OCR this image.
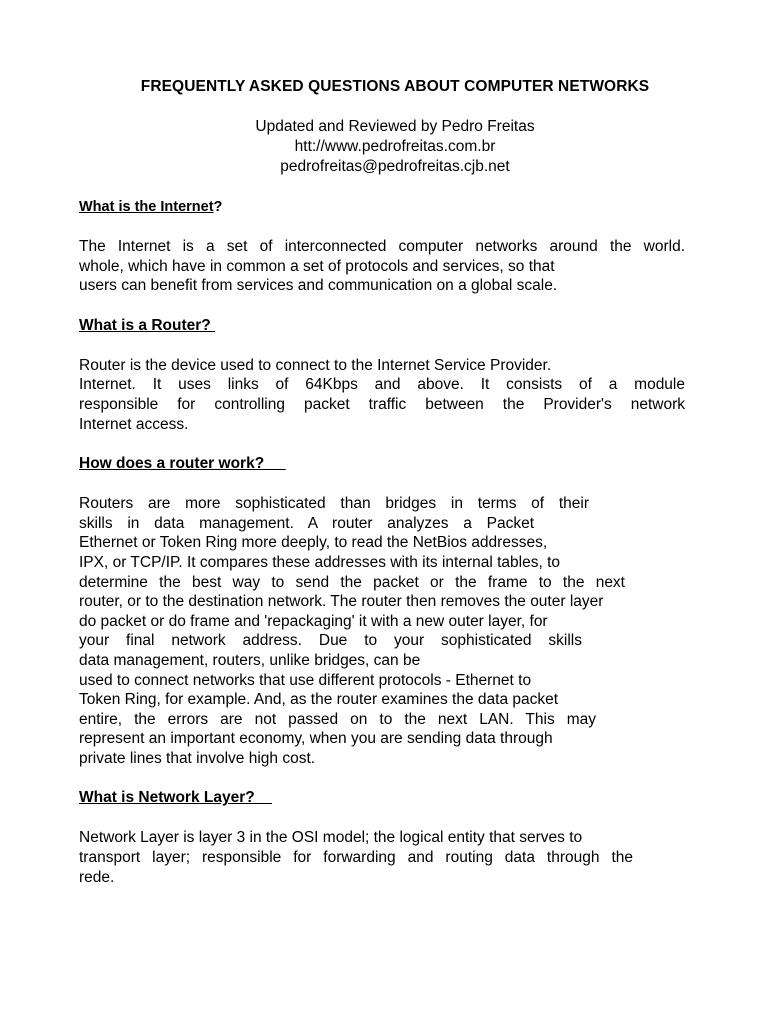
FREQUENTLY ASKED QUESTIONS ABOUT COMPUTER NETWORKS
Updated and Reviewed by Pedro Freitas
htt://www.pedrofreitas.com.br
pedrofreitas@pedrofreitas.cjb.net
What is the Internet?
The Internet is a set of interconnected computer networks around the world.
whole, which have in common a set of protocols and services, so that
users can benefit from services and communication on a global scale.
What is a Router?
Router is the device used to connect to the Internet Service Provider.
Internet. It uses links of 64Kbps and above. It consists of a module
responsible for controlling packet traffic between the Provider's network
Internet access.
How does a router work?
Routers are more sophisticated than bridges in terms of their
skills in data management. A router analyzes a Packet
Ethernet or Token Ring more deeply, to read the NetBios addresses,
IPX, or TCP/IP. It compares these addresses with its internal tables, to
determine the best way to send the packet or the frame to the next
router, or to the destination network. The router then removes the outer layer
do packet or do frame and 'repackaging' it with a new outer layer, for
your final network address. Due to your sophisticated skills
data management, routers, unlike bridges, can be
used to connect networks that use different protocols - Ethernet to
Token Ring, for example. And, as the router examines the data packet
entire, the errors are not passed on to the next LAN. This may
represent an important economy, when you are sending data through
private lines that involve high cost.
What is Network Layer?
Network Layer is layer 3 in the OSI model; the logical entity that serves to
transport layer; responsible for forwarding and routing data through the
rede.
